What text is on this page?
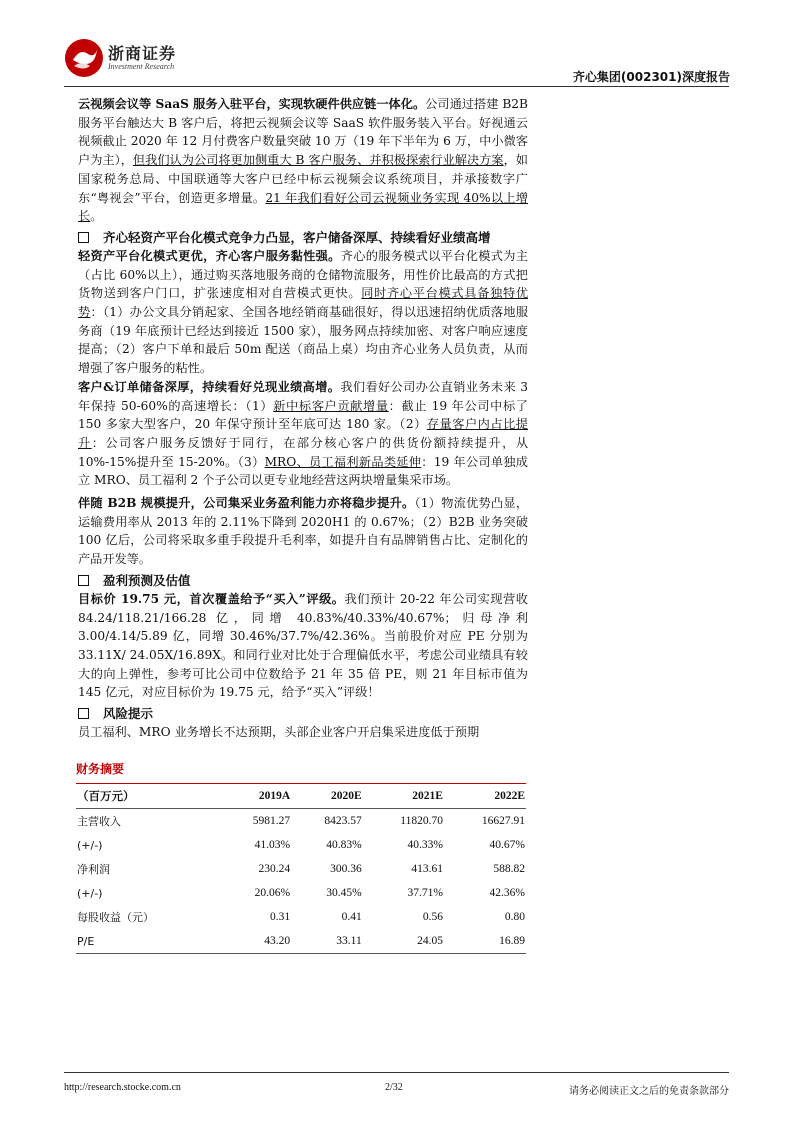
浙商证券
Investment Research
齐心集团(002301)深度报告

云视频会议等 SaaS 服务入驻平台，实现软硬件供应链一体化。公司通过搭建 B2B 服务平台触达大 B 客户后，将把云视频会议等 SaaS 软件服务装入平台。好视通云视频截止 2020 年 12 月付费客户数量突破 10 万（19 年下半年为 6 万，中小微客户为主），但我们认为公司将更加侧重大 B 客户服务、并积极探索行业解决方案，如国家税务总局、中国联通等大客户已经中标云视频会议系统项目，并承接数字广东“粤视会”平台，创造更多增量。21 年我们看好公司云视频业务实现 40%以上增长。

齐心轻资产平台化模式竞争力凸显，客户储备深厚、持续看好业绩高增

轻资产平台化模式更优，齐心客户服务黏性强。齐心的服务模式以平台化模式为主（占比 60%以上），通过购买落地服务商的仓储物流服务，用性价比最高的方式把货物送到客户门口，扩张速度相对自营模式更快。同时齐心平台模式具备独特优势：（1）办公文具分销起家、全国各地经销商基础很好，得以迅速招纳优质落地服务商（19 年底预计已经达到接近 1500 家），服务网点持续加密、对客户响应速度提高；（2）客户下单和最后 50m 配送（商品上桌）均由齐心业务人员负责，从而增强了客户服务的粘性。

客户&订单储备深厚，持续看好兑现业绩高增。我们看好公司办公直销业务未来 3 年保持 50-60%的高速增长：（1）新中标客户贡献增量：截止 19 年公司中标了 150 多家大型客户，20 年保守预计至年底可达 180 家。（2）存量客户内占比提升：公司客户服务反馈好于同行，在部分核心客户的供货份额持续提升，从 10%-15%提升至 15-20%。（3）MRO、员工福利新品类延伸：19 年公司单独成立 MRO、员工福利 2 个子公司以更专业地经营这两块增量集采市场。

伴随 B2B 规模提升，公司集采业务盈利能力亦将稳步提升。（1）物流优势凸显，运输费用率从 2013 年的 2.11%下降到 2020H1 的 0.67%；（2）B2B 业务突破 100 亿后，公司将采取多重手段提升毛利率，如提升自有品牌销售占比、定制化的产品开发等。

盈利预测及估值

目标价 19.75 元，首次覆盖给予“买入”评级。我们预计 20-22 年公司实现营收 84.24/118.21/166.28 亿，同增 40.83%/40.33%/40.67%；归母净利 3.00/4.14/5.89 亿，同增 30.46%/37.7%/42.36%。当前股价对应 PE 分别为 33.11X/ 24.05X/16.89X。和同行业对比处于合理偏低水平，考虑公司业绩具有较大的向上弹性，参考可比公司中位数给予 21 年 35 倍 PE，则 21 年目标市值为 145 亿元，对应目标价为 19.75 元，给予“买入”评级！

风险提示

员工福利、MRO 业务增长不达预期，头部企业客户开启集采进度低于预期

财务摘要
（百万元）	2019A	2020E	2021E	2022E
主营收入	5981.27	8423.57	11820.70	16627.91
(+/-)	41.03%	40.83%	40.33%	40.67%
净利润	230.24	300.36	413.61	588.82
(+/-)	20.06%	30.45%	37.71%	42.36%
每股收益（元）	0.31	0.41	0.56	0.80
P/E	43.20	33.11	24.05	16.89
http://research.stocke.com.cn	2/32	请务必阅读正文之后的免责条款部分
